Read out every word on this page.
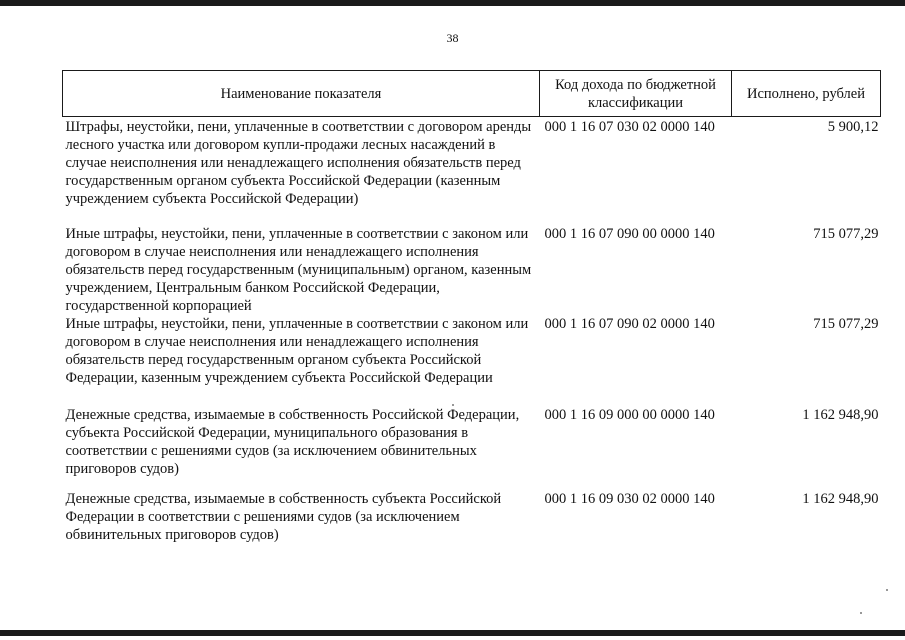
38
Наименование показателя	Код дохода по бюджетной классификации	Исполнено, рублей
Штрафы, неустойки, пени, уплаченные в соответствии с договором аренды лесного участка или договором купли-продажи лесных насаждений в случае неисполнения или ненадлежащего исполнения обязательств перед государственным органом субъекта Российской Федерации (казенным учреждением субъекта Российской Федерации)	000 1 16 07 030 02 0000 140	5 900,12
Иные штрафы, неустойки, пени, уплаченные в соответствии с законом или договором в случае неисполнения или ненадлежащего исполнения обязательств перед государственным (муниципальным) органом, казенным учреждением, Центральным банком Российской Федерации, государственной корпорацией	000 1 16 07 090 00 0000 140	715 077,29
Иные штрафы, неустойки, пени, уплаченные в соответствии с законом или договором в случае неисполнения или ненадлежащего исполнения обязательств перед государственным органом субъекта Российской Федерации, казенным учреждением субъекта Российской Федерации	000 1 16 07 090 02 0000 140	715 077,29
Денежные средства, изымаемые в собственность Российской Федерации, субъекта Российской Федерации, муниципального образования в соответствии с решениями судов (за исключением обвинительных приговоров судов)	000 1 16 09 000 00 0000 140	1 162 948,90
Денежные средства, изымаемые в собственность субъекта Российской Федерации в соответствии с решениями судов (за исключением обвинительных приговоров судов)	000 1 16 09 030 02 0000 140	1 162 948,90
